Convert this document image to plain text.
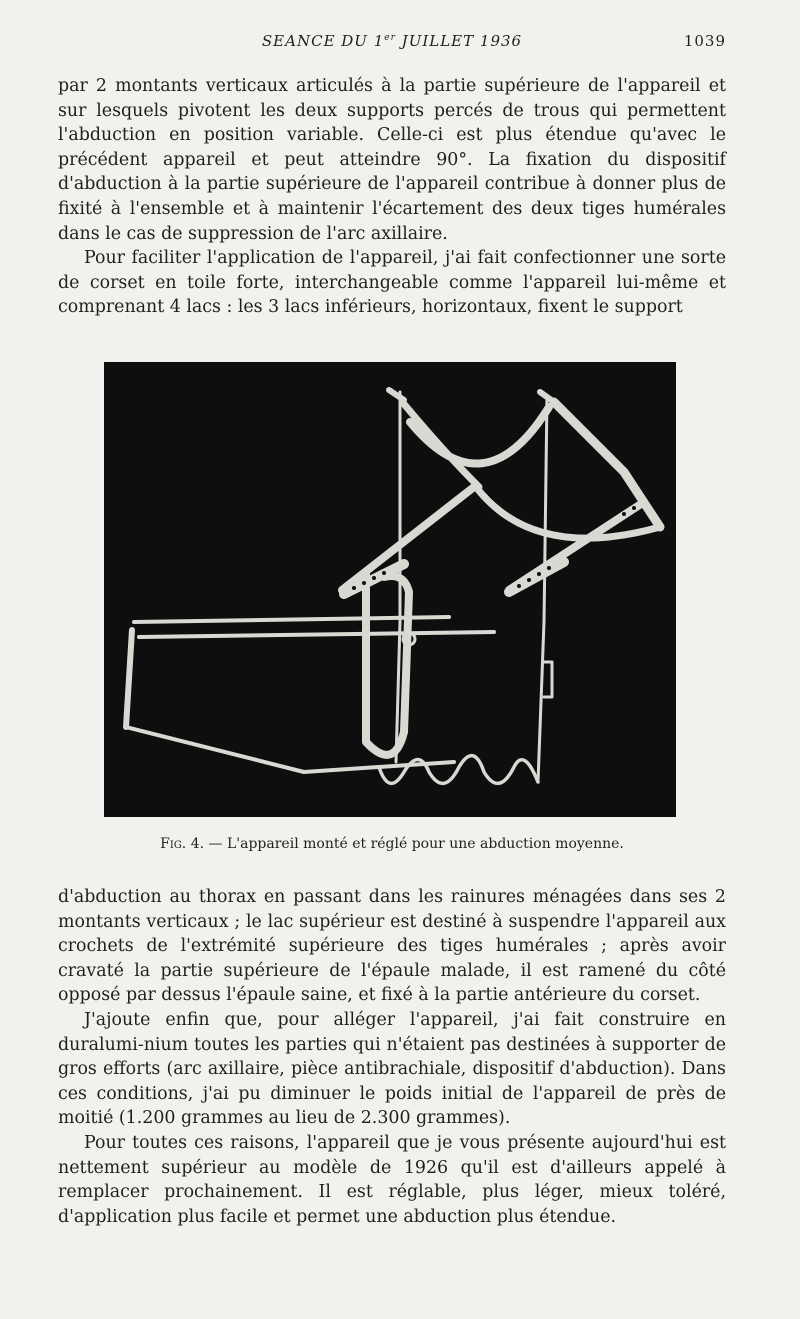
SEANCE DU 1er JUILLET 1936	1039

par 2 montants verticaux articulés à la partie supérieure de l'appareil et sur lesquels pivotent les deux supports percés de trous qui permettent l'abduction en position variable. Celle-ci est plus étendue qu'avec le précédent appareil et peut atteindre 90°. La fixation du dispositif d'abduction à la partie supérieure de l'appareil contribue à donner plus de fixité à l'ensemble et à maintenir l'écartement des deux tiges humérales dans le cas de suppression de l'arc axillaire.

Pour faciliter l'application de l'appareil, j'ai fait confectionner une sorte de corset en toile forte, interchangeable comme l'appareil lui-même et comprenant 4 lacs : les 3 lacs inférieurs, horizontaux, fixent le support

Fig. 4. — L'appareil monté et réglé pour une abduction moyenne.

d'abduction au thorax en passant dans les rainures ménagées dans ses 2 montants verticaux ; le lac supérieur est destiné à suspendre l'appareil aux crochets de l'extrémité supérieure des tiges humérales ; après avoir cravaté la partie supérieure de l'épaule malade, il est ramené du côté opposé par dessus l'épaule saine, et fixé à la partie antérieure du corset.

J'ajoute enfin que, pour alléger l'appareil, j'ai fait construire en duralumi-nium toutes les parties qui n'étaient pas destinées à supporter de gros efforts (arc axillaire, pièce antibrachiale, dispositif d'abduction). Dans ces conditions, j'ai pu diminuer le poids initial de l'appareil de près de moitié (1.200 grammes au lieu de 2.300 grammes).

Pour toutes ces raisons, l'appareil que je vous présente aujourd'hui est nettement supérieur au modèle de 1926 qu'il est d'ailleurs appelé à remplacer prochainement. Il est réglable, plus léger, mieux toléré, d'application plus facile et permet une abduction plus étendue.
